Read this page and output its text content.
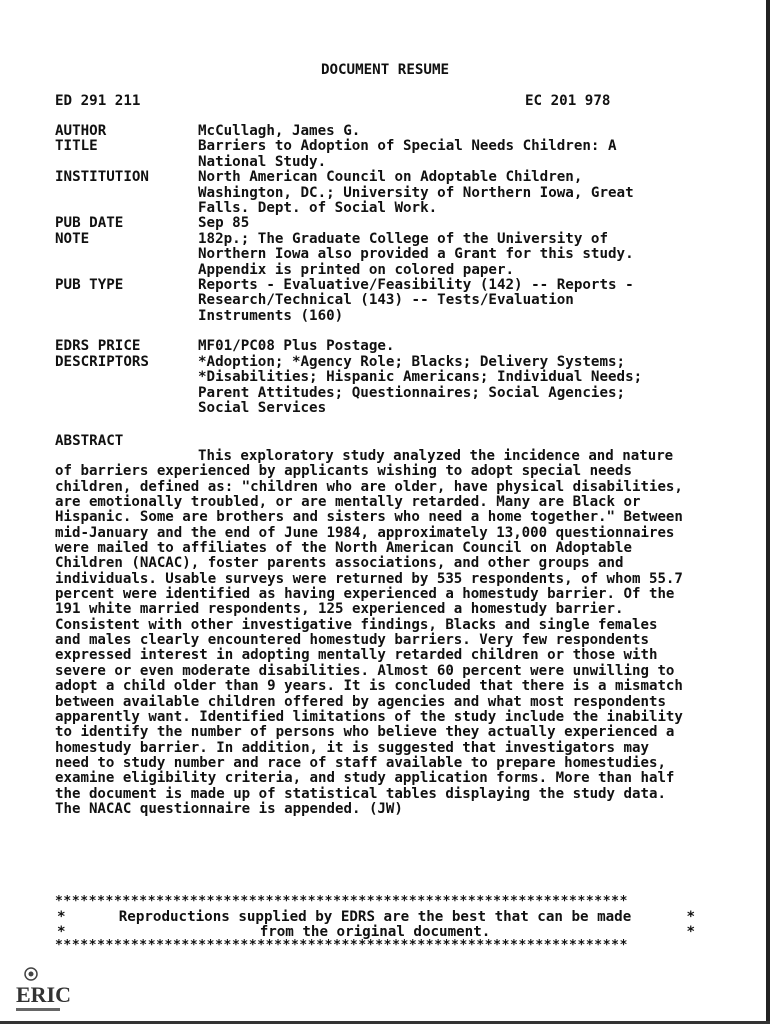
DOCUMENT RESUME
ED 291 211	EC 201 978
AUTHOR	McCullagh, James G.
TITLE	Barriers to Adoption of Special Needs Children: A
National Study.
INSTITUTION	North American Council on Adoptable Children,
Washington, DC.; University of Northern Iowa, Great
Falls. Dept. of Social Work.
PUB DATE	Sep 85
NOTE	182p.; The Graduate College of the University of
Northern Iowa also provided a Grant for this study.
Appendix is printed on colored paper.
PUB TYPE	Reports - Evaluative/Feasibility (142) -- Reports -
Research/Technical (143) -- Tests/Evaluation
Instruments (160)
EDRS PRICE	MF01/PC08 Plus Postage.
DESCRIPTORS	*Adoption; *Agency Role; Blacks; Delivery Systems;
*Disabilities; Hispanic Americans; Individual Needs;
Parent Attitudes; Questionnaires; Social Agencies;
Social Services
ABSTRACT
This exploratory study analyzed the incidence and nature of barriers experienced by applicants wishing to adopt special needs children, defined as: "children who are older, have physical disabilities, are emotionally troubled, or are mentally retarded. Many are Black or Hispanic. Some are brothers and sisters who need a home together." Between mid-January and the end of June 1984, approximately 13,000 questionnaires were mailed to affiliates of the North American Council on Adoptable Children (NACAC), foster parents associations, and other groups and individuals. Usable surveys were returned by 535 respondents, of whom 55.7 percent were identified as having experienced a homestudy barrier. Of the 191 white married respondents, 125 experienced a homestudy barrier. Consistent with other investigative findings, Blacks and single females and males clearly encountered homestudy barriers. Very few respondents expressed interest in adopting mentally retarded children or those with severe or even moderate disabilities. Almost 60 percent were unwilling to adopt a child older than 9 years. It is concluded that there is a mismatch between available children offered by agencies and what most respondents apparently want. Identified limitations of the study include the inability to identify the number of persons who believe they actually experienced a homestudy barrier. In addition, it is suggested that investigators may need to study number and race of staff available to prepare homestudies, examine eligibility criteria, and study application forms. More than half the document is made up of statistical tables displaying the study data. The NACAC questionnaire is appended. (JW)
********************************************************************
*	*
*	*
Reproductions supplied by EDRS are the best that can be made
from the original document.
********************************************************************
ERIC
